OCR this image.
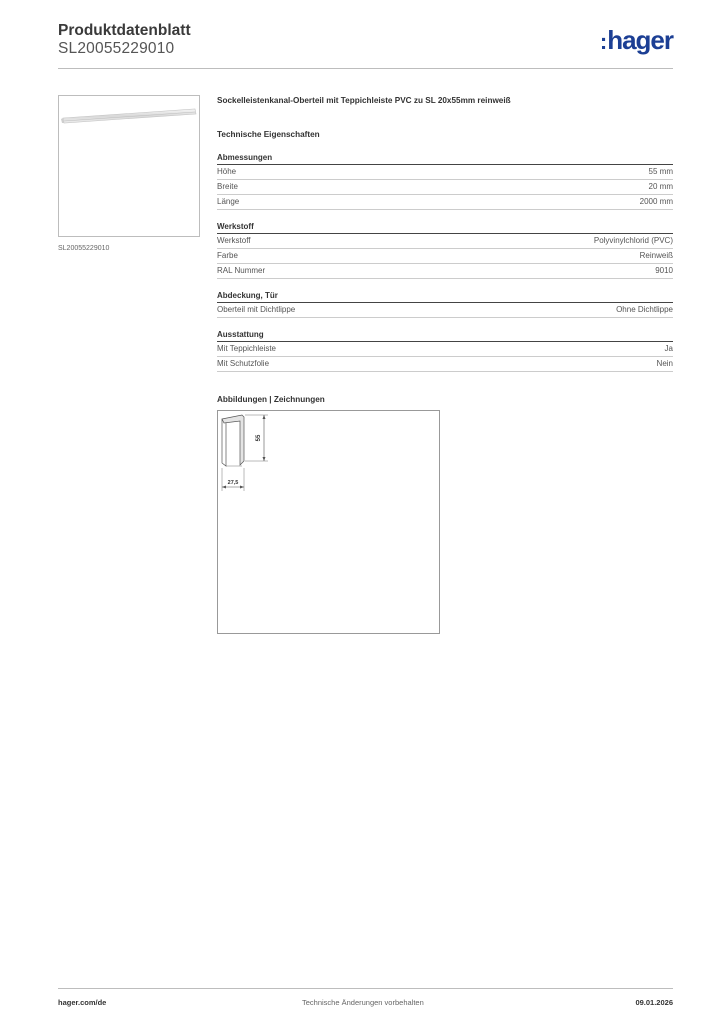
Produktdatenblatt
SL20055229010	:hager
SL20055229010
Sockelleistenkanal-Oberteil mit Teppichleiste PVC zu SL 20x55mm reinweiß
Technische Eigenschaften
Abmessungen
Höhe	55 mm
Breite	20 mm
Länge	2000 mm
Werkstoff
Werkstoff	Polyvinylchlorid (PVC)
Farbe	Reinweiß
RAL Nummer	9010
Abdeckung, Tür
Oberteil mit Dichtlippe	Ohne Dichtlippe
Ausstattung
Mit Teppichleiste	Ja
Mit Schutzfolie	Nein
Abbildungen | Zeichnungen
55
27,5
hager.com/de	Technische Änderungen vorbehalten	09.01.2026
